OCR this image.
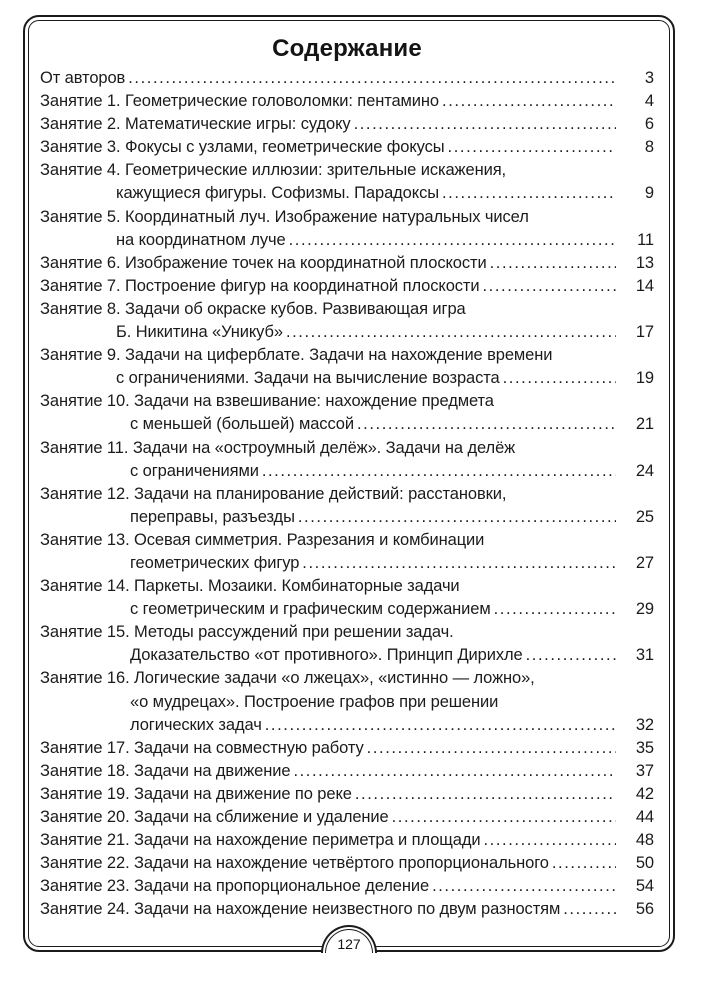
Содержание
От авторов .....	3
Занятие 1. Геометрические головоломки: пентамино .....	4
Занятие 2. Математические игры: судоку .....	6
Занятие 3. Фокусы с узлами, геометрические фокусы .....	8
Занятие 4. Геометрические иллюзии: зрительные искажения,
кажущиеся фигуры. Софизмы. Парадоксы .....	9
Занятие 5. Координатный луч. Изображение натуральных чисел
на координатном луче .....	11
Занятие 6. Изображение точек на координатной плоскости .....	13
Занятие 7. Построение фигур на координатной плоскости .....	14
Занятие 8. Задачи об окраске кубов. Развивающая игра
Б. Никитина «Уникуб» .....	17
Занятие 9. Задачи на циферблате. Задачи на нахождение времени
с ограничениями. Задачи на вычисление возраста .....	19
Занятие 10. Задачи на взвешивание: нахождение предмета
с меньшей (большей) массой .....	21
Занятие 11. Задачи на «остроумный делёж». Задачи на делёж
с ограничениями .....	24
Занятие 12. Задачи на планирование действий: расстановки,
переправы, разъезды .....	25
Занятие 13. Осевая симметрия. Разрезания и комбинации
геометрических фигур .....	27
Занятие 14. Паркеты. Мозаики. Комбинаторные задачи
с геометрическим и графическим содержанием .....	29
Занятие 15. Методы рассуждений при решении задач.
Доказательство «от противного». Принцип Дирихле .....	31
Занятие 16. Логические задачи «о лжецах», «истинно — ложно»,
«о мудрецах». Построение графов при решении
логических задач .....	32
Занятие 17. Задачи на совместную работу .....	35
Занятие 18. Задачи на движение .....	37
Занятие 19. Задачи на движение по реке .....	42
Занятие 20. Задачи на сближение и удаление .....	44
Занятие 21. Задачи на нахождение периметра и площади .....	48
Занятие 22. Задачи на нахождение четвёртого пропорционального .....	50
Занятие 23. Задачи на пропорциональное деление .....	54
Занятие 24. Задачи на нахождение неизвестного по двум разностям .....	56
127
